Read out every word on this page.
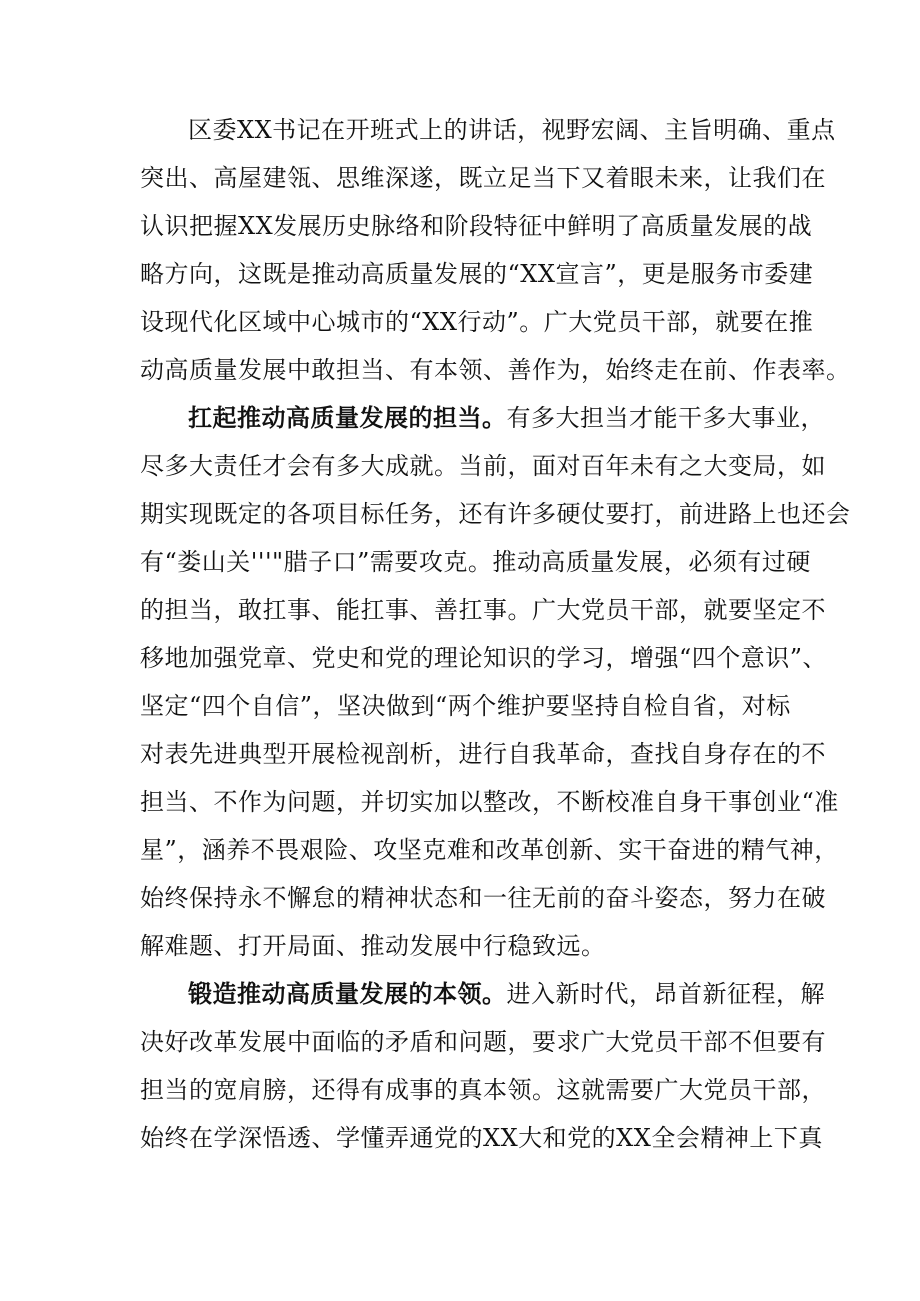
区委XX书记在开班式上的讲话，视野宏阔、主旨明确、重点
突出、高屋建瓴、思维深遂，既立足当下又着眼未来，让我们在
认识把握XX发展历史脉络和阶段特征中鲜明了高质量发展的战
略方向，这既是推动高质量发展的“XX宣言”，更是服务市委建
设现代化区域中心城市的“XX行动”。广大党员干部，就要在推
动高质量发展中敢担当、有本领、善作为，始终走在前、作表率。
扛起推动高质量发展的担当。有多大担当才能干多大事业，
尽多大责任才会有多大成就。当前，面对百年未有之大变局，如
期实现既定的各项目标任务，还有许多硬仗要打，前进路上也还会
有“娄山关'''"腊子口”需要攻克。推动高质量发展，必须有过硬
的担当，敢扛事、能扛事、善扛事。广大党员干部，就要坚定不
移地加强党章、党史和党的理论知识的学习，增强“四个意识”、
坚定“四个自信”，坚决做到“两个维护要坚持自检自省，对标
对表先进典型开展检视剖析，进行自我革命，查找自身存在的不
担当、不作为问题，并切实加以整改，不断校准自身干事创业“准
星”，涵养不畏艰险、攻坚克难和改革创新、实干奋进的精气神，
始终保持永不懈怠的精神状态和一往无前的奋斗姿态，努力在破
解难题、打开局面、推动发展中行稳致远。
锻造推动高质量发展的本领。进入新时代，昂首新征程，解
决好改革发展中面临的矛盾和问题，要求广大党员干部不但要有
担当的宽肩膀，还得有成事的真本领。这就需要广大党员干部，
始终在学深悟透、学懂弄通党的XX大和党的XX全会精神上下真
